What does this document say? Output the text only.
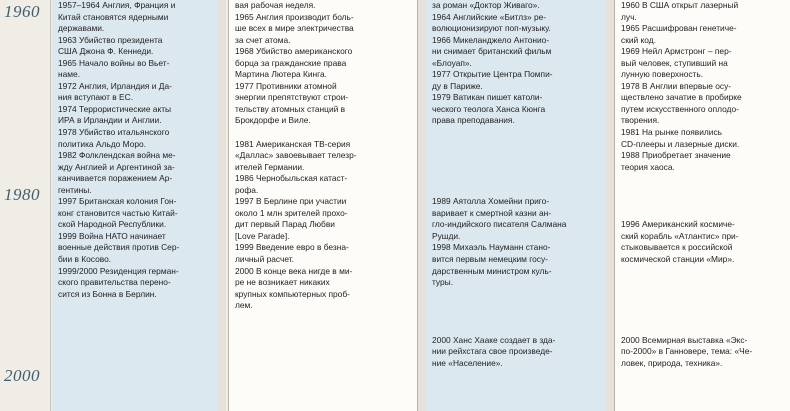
1960
1980
2000
1957–1964 Англия, Франция и
Китай становятся ядерными
державами.
1963 Убийство президента
США Джона Ф. Кеннеди.
1965 Начало войны во Вьет-
наме.
1972 Англия, Ирландия и Да-
ния вступают в ЕС.
1974 Террористические акты
ИРА в Ирландии и Англии.
1978 Убийство итальянского
политика Альдо Моро.
1982 Фолклендская война ме-
жду Англией и Аргентиной за-
канчивается поражением Ар-
гентины.
1997 Британская колония Гон-
конг становится частью Китай-
ской Народной Республики.
1999 Война НАТО начинает
военные действия против Сер-
бии в Косово.
1999/2000 Резиденция герман-
ского правительства перено-
сится из Бонна в Берлин.
вая рабочая неделя.
1965 Англия производит боль-
ше всех в мире электричества
за счет атома.
1968 Убийство американского
борца за гражданские права
Мартина Лютера Кинга.
1977 Противники атомной
энергии препятствуют строи-
тельству атомных станций в
Брокдорфе и Виле.

1981 Американская ТВ-серия
«Даллас» завоевывает телезр-
ителей Германии.
1986 Чернобыльская катаст-
рофа.
1997 В Берлине при участии
около 1 млн зрителей прохо-
дит первый Парад Любви
[Love Parade].
1999 Введение евро в безна-
личный расчет.
2000 В конце века нигде в ми-
ре не возникает никаких
крупных компьютерных проб-
лем.
за роман «Доктор Живаго».
1964 Английские «Битлз» ре-
волюционизируют поп-музыку.
1966 Микеланджело Антонио-
ни снимает британский фильм
«Блоуап».
1977 Открытие Центра Помпи-
ду в Париже.
1979 Ватикан пишет католи-
ческого теолога Ханса Кюнга
права преподавания.

1989 Аятолла Хомейни приго-
варивает к смертной казни ан-
гло-индийского писателя Салмана
Рушди.
1998 Михаэль Науманн стано-
вится первым немецким госу-
дарственным министром куль-
туры.

2000 Ханс Хааке создает в зда-
нии рейхстага свое произведе-
ние «Население».
1960 В США открыт лазерный
луч.
1965 Расшифрован генетиче-
ский код.
1969 Нейл Армстронг – пер-
вый человек, ступивший на
лунную поверхность.
1978 В Англии впервые осу-
ществлено зачатие в пробирке
путем искусственного оплодо-
творения.
1981 На рынке появились
CD-плееры и лазерные диски.
1988 Приобретает значение
теория хаоса.

1996 Американский космиче-
ский корабль «Атлантис» при-
стыковывается к российской
космической станции «Мир».

2000 Всемирная выставка «Экс-
по-2000» в Ганновере, тема: «Че-
ловек, природа, техника».
